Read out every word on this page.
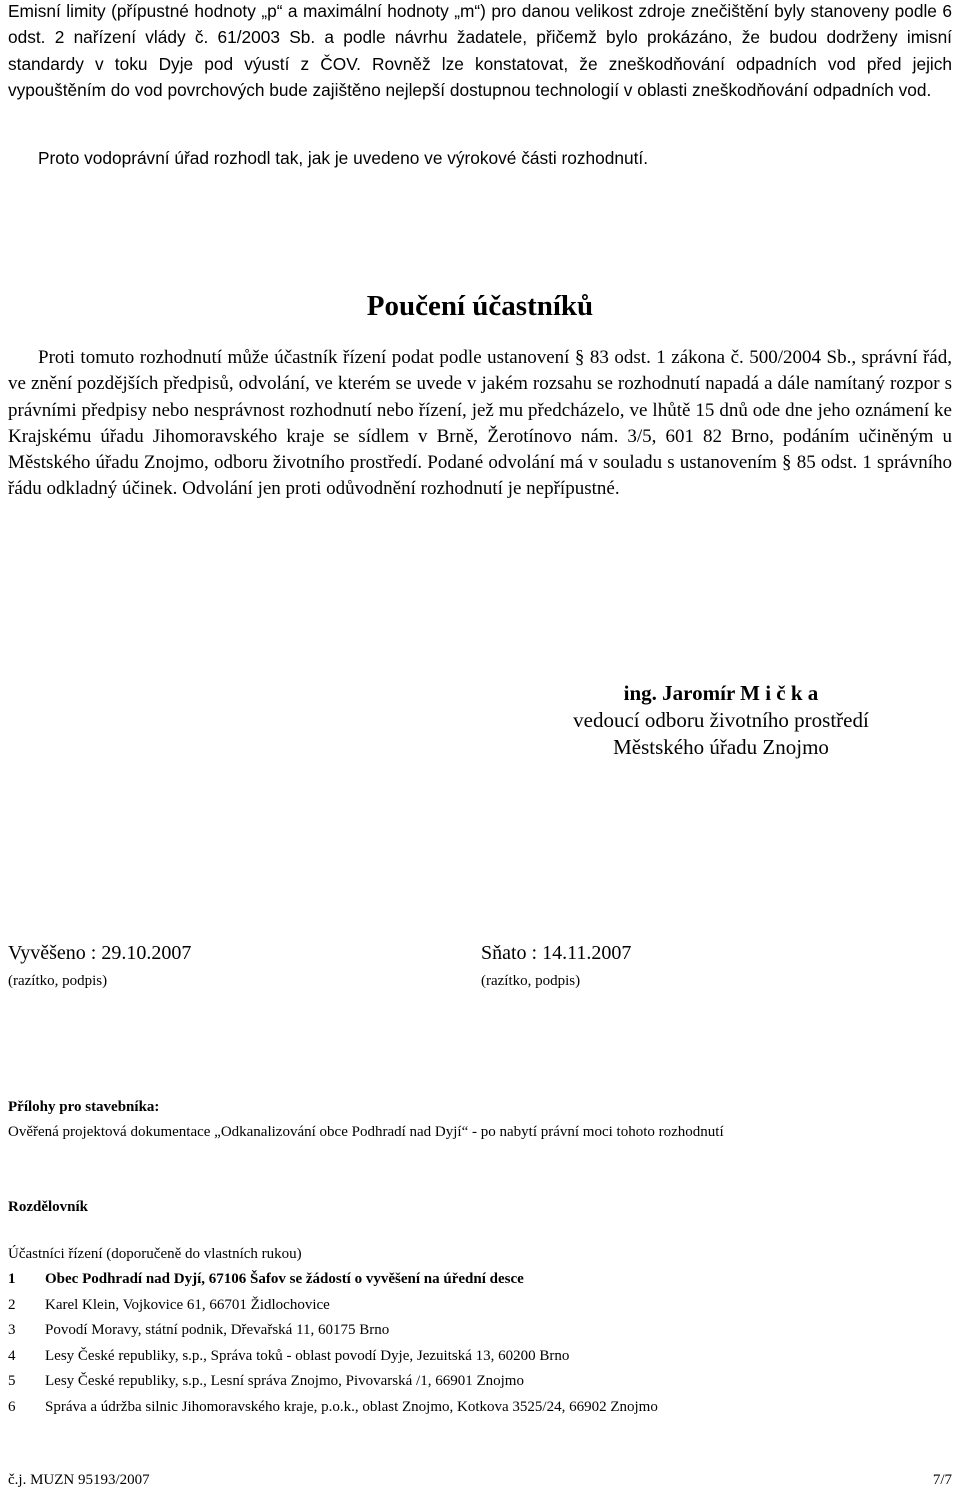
Emisní limity (přípustné hodnoty „p“ a maximální hodnoty „m“) pro danou velikost zdroje znečištění byly stanoveny podle 6 odst. 2 nařízení vlády č. 61/2003 Sb. a podle návrhu žadatele, přičemž bylo prokázáno, že budou dodrženy imisní standardy v toku Dyje pod výustí z ČOV. Rovněž lze konstatovat, že zneškodňování odpadních vod před jejich vypouštěním do vod povrchových bude zajištěno nejlepší dostupnou technologií v oblasti zneškodňování odpadních vod.
Proto vodoprávní úřad rozhodl tak, jak je uvedeno ve výrokové části rozhodnutí.
Poučení účastníků
Proti tomuto rozhodnutí může účastník řízení podat podle ustanovení § 83 odst. 1 zákona č. 500/2004 Sb., správní řád, ve znění pozdějších předpisů, odvolání, ve kterém se uvede v jakém rozsahu se rozhodnutí napadá a dále namítaný rozpor s právními předpisy nebo nesprávnost rozhodnutí nebo řízení, jež mu předcházelo, ve lhůtě 15 dnů ode dne jeho oznámení ke Krajskému úřadu Jihomoravského kraje se sídlem v Brně, Žerotínovo nám. 3/5, 601 82 Brno, podáním učiněným u Městského úřadu Znojmo, odboru životního prostředí. Podané odvolání má v souladu s ustanovením § 85 odst. 1 správního řádu odkladný účinek. Odvolání jen proti odůvodnění rozhodnutí je nepřípustné.
ing. Jaromír M i č k a
vedoucí odboru životního prostředí
Městského úřadu Znojmo
Vyvěšeno : 29.10.2007	Sňato : 14.11.2007
(razítko, podpis)	(razítko, podpis)
Přílohy pro stavebníka:
Ověřená projektová dokumentace „Odkanalizování obce Podhradí nad Dyjí“ - po nabytí právní moci tohoto rozhodnutí
Rozdělovník
Účastníci řízení (doporučeně do vlastních rukou)
1 Obec Podhradí nad Dyjí, 67106 Šafov se žádostí o vyvěšení na úřední desce
2 Karel Klein, Vojkovice 61, 66701 Židlochovice
3 Povodí Moravy, státní podnik, Dřevařská 11, 60175 Brno
4 Lesy České republiky, s.p., Správa toků - oblast povodí Dyje, Jezuitská 13, 60200 Brno
5 Lesy České republiky, s.p., Lesní správa Znojmo, Pivovarská /1, 66901 Znojmo
6 Správa a údržba silnic Jihomoravského kraje, p.o.k., oblast Znojmo, Kotkova 3525/24, 66902 Znojmo
č.j. MUZN 95193/2007	7/7
